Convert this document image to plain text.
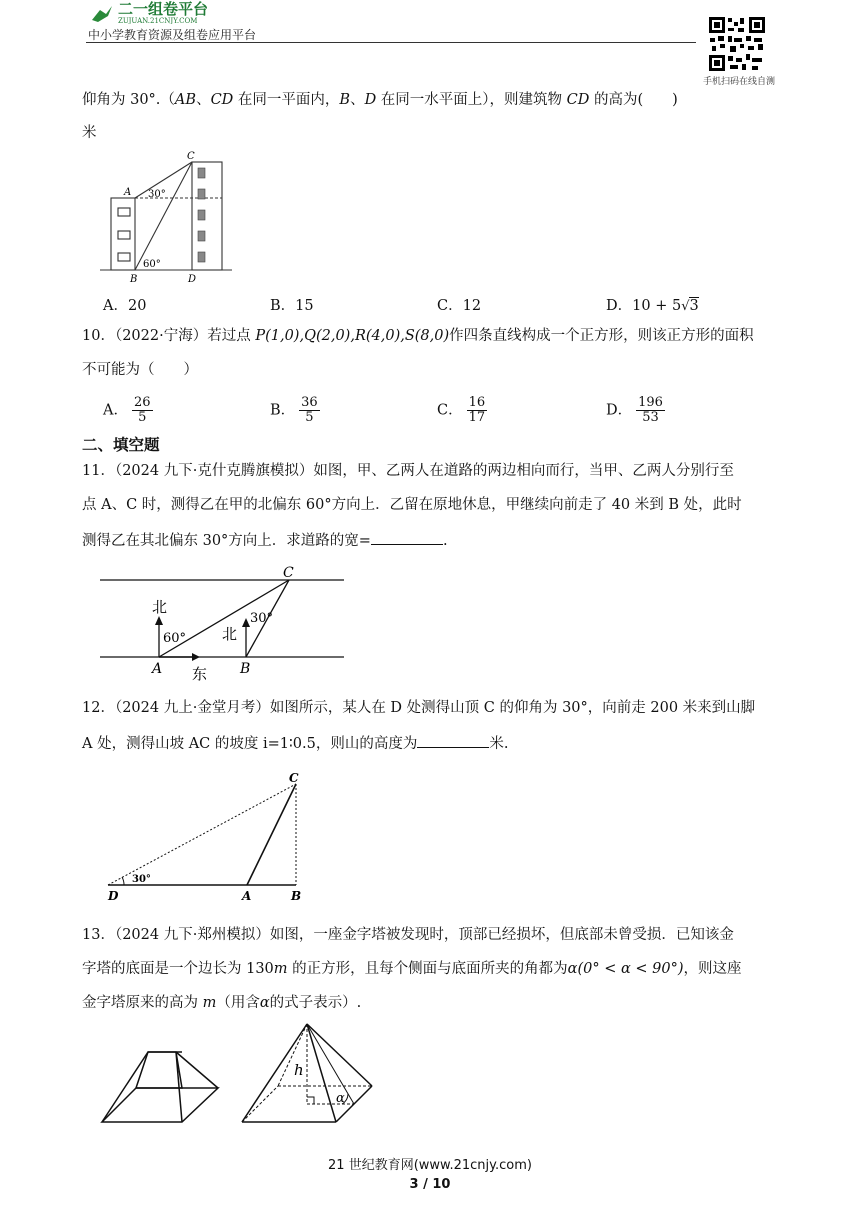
二一组卷平台
ZUJUAN.21CNJY.COM
中小学教育资源及组卷应用平台
手机扫码在线自测
仰角为 30°.（AB、CD 在同一平面内，B、D 在同一水平面上），则建筑物 CD 的高为(　　)
米
C
A
B	D
30°
60°
A．20	B．15	C．12	D．10 + 5√3
10．（2022·宁海）若过点 P(1,0),Q(2,0),R(4,0),S(8,0)作四条直线构成一个正方形，则该正方形的面积
不可能为（　　）
A． $\frac{26}{5}$	B． $\frac{36}{5}$	C． $\frac{16}{17}$	D． $\frac{196}{53}$
二、填空题
11．（2024 九下·克什克腾旗模拟）如图，甲、乙两人在道路的两边相向而行，当甲、乙两人分别行至
点 A、C 时，测得乙在甲的北偏东 60°方向上．乙留在原地休息，甲继续向前走了 40 米到 B 处，此时
测得乙在其北偏东 30°方向上．求道路的宽=	.
北
北
东
60°
30°
A	B
C
12．（2024 九上·金堂月考）如图所示，某人在 D 处测得山顶 C 的仰角为 30°，向前走 200 米来到山脚
A 处，测得山坡 AC 的坡度 i=1∶0.5，则山的高度为	米.
C
D	A	B
30°
13．（2024 九下·郑州模拟）如图，一座金字塔被发现时，顶部已经损坏，但底部未曾受损．已知该金
字塔的底面是一个边长为 130m 的正方形，且每个侧面与底面所夹的角都为α(0° < α < 90°)，则这座
金字塔原来的高为 m（用含α的式子表示）.
h
α
21 世纪教育网(www.21cnjy.com)
3 / 10
